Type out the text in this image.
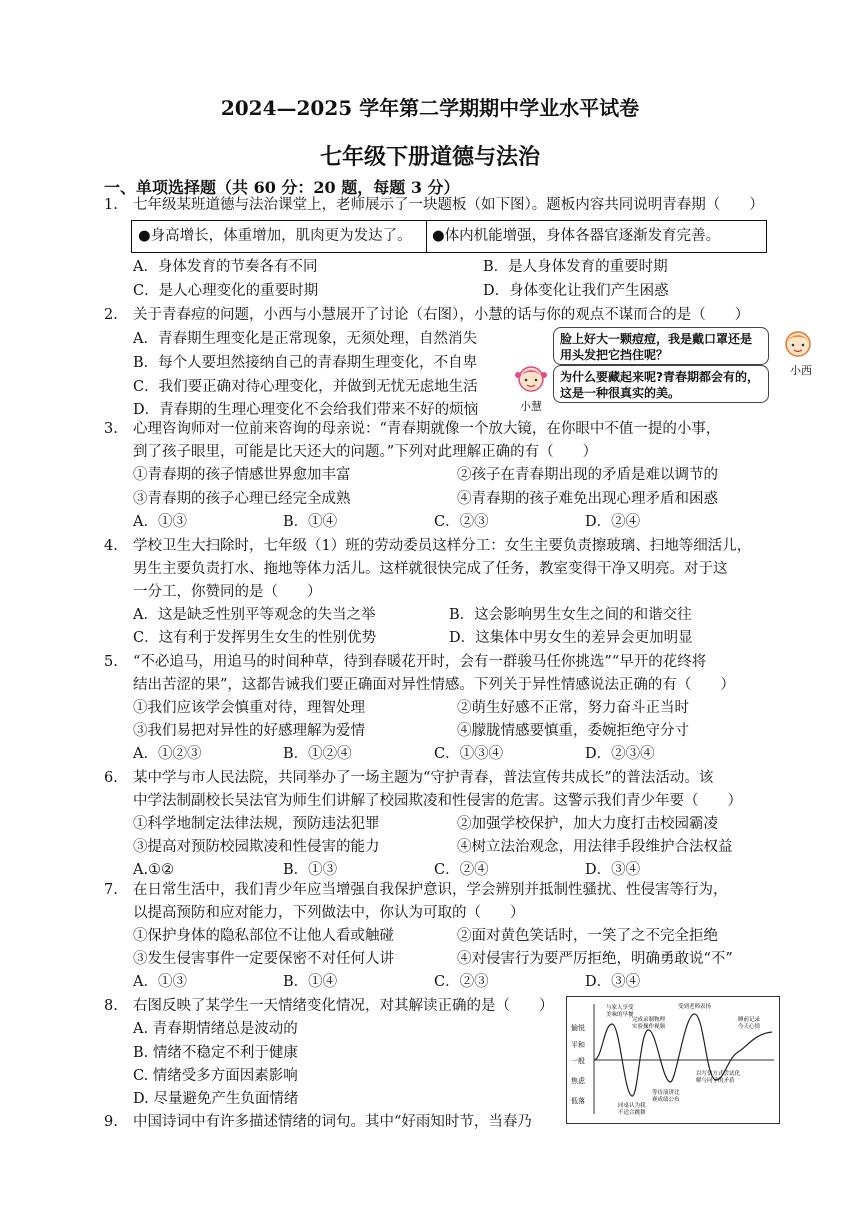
2024—2025 学年第二学期期中学业水平试卷
七年级下册道德与法治
一、单项选择题（共 60 分：20 题，每题 3 分）
1. 七年级某班道德与法治课堂上，老师展示了一块题板（如下图）。题板内容共同说明青春期（　　）
●身高增长，体重增加，肌肉更为发达了。	●体内机能增强，身体各器官逐渐发育完善。
A．身体发育的节奏各有不同	B．是人身体发育的重要时期
C．是人心理变化的重要时期	D．身体变化让我们产生困惑
2. 关于青春痘的问题，小西与小慧展开了讨论（右图），小慧的话与你的观点不谋而合的是（　　）
A．青春期生理变化是正常现象，无须处理，自然消失
B．每个人要坦然接纳自己的青春期生理变化，不自卑
C．我们要正确对待心理变化，并做到无忧无虑地生活
D．青春期的生理心理变化不会给我们带来不好的烦恼
脸上好大一颗痘痘，我是戴口罩还是用头发把它挡住呢？
为什么要藏起来呢?青春期都会有的，这是一种很真实的美。
小西
小慧
3. 心理咨询师对一位前来咨询的母亲说：“青春期就像一个放大镜，在你眼中不值一提的小事，
到了孩子眼里，可能是比天还大的问题。”下列对此理解正确的有（　　）
①青春期的孩子情感世界愈加丰富	②孩子在青春期出现的矛盾是难以调节的
③青春期的孩子心理已经完全成熟	④青春期的孩子难免出现心理矛盾和困惑
A．①③	B．①④	C．②③	D．②④
4. 学校卫生大扫除时，七年级（1）班的劳动委员这样分工：女生主要负责擦玻璃、扫地等细活儿，
男生主要负责打水、拖地等体力活儿。这样就很快完成了任务，教室变得干净又明亮。对于这
一分工，你赞同的是（　　）
A．这是缺乏性别平等观念的失当之举	B．这会影响男生女生之间的和谐交往
C．这有利于发挥男生女生的性别优势	D．这集体中男女生的差异会更加明显
5. “不必追马，用追马的时间种草，待到春暖花开时，会有一群骏马任你挑选”“早开的花终将
结出苦涩的果”，这都告诫我们要正确面对异性情感。下列关于异性情感说法正确的有（　　）
①我们应该学会慎重对待，理智处理	②萌生好感不正常，努力奋斗正当时
③我们易把对异性的好感理解为爱情	④朦胧情感要慎重，委婉拒绝守分寸
A．①②③	B．①②④	C．①③④	D．②③④
6. 某中学与市人民法院，共同举办了一场主题为“守护青春，普法宣传共成长”的普法活动。该
中学法制副校长吴法官为师生们讲解了校园欺凌和性侵害的危害。这警示我们青少年要（　　）
①科学地制定法律法规，预防违法犯罪	②加强学校保护，加大力度打击校园霸凌
③提高对预防校园欺凌和性侵害的能力	④树立法治观念，用法律手段维护合法权益
A.①②	B．①③	C．②④	D．③④
7. 在日常生活中，我们青少年应当增强自我保护意识，学会辨别并抵制性骚扰、性侵害等行为，
以提高预防和应对能力，下列做法中，你认为可取的（　　）
①保护身体的隐私部位不让他人看或触碰	②面对黄色笑话时，一笑了之不完全拒绝
③发生侵害事件一定要保密不对任何人讲	④对侵害行为要严厉拒绝，明确勇敢说“不”
A．①③	B．①④	C．②③	D．③④
8. 右图反映了某学生一天情绪变化情况，对其解读正确的是（　　）
A. 青春期情绪总是波动的
B. 情绪不稳定不利于健康
C. 情绪受多方面因素影响
D. 尽量避免产生负面情绪
愉悦
平和
一般
焦虑
低落
与家人享受
美味的早餐
完成录制物理
实验操作视频
同桌认为我
不适合跳舞
等待演讲比
赛成绩公布
受到老师表扬
以写信方式尝试化
解与同学的矛盾
睡前记录
今天心情
9. 中国诗词中有许多描述情绪的词句。其中“好雨知时节，当春乃
